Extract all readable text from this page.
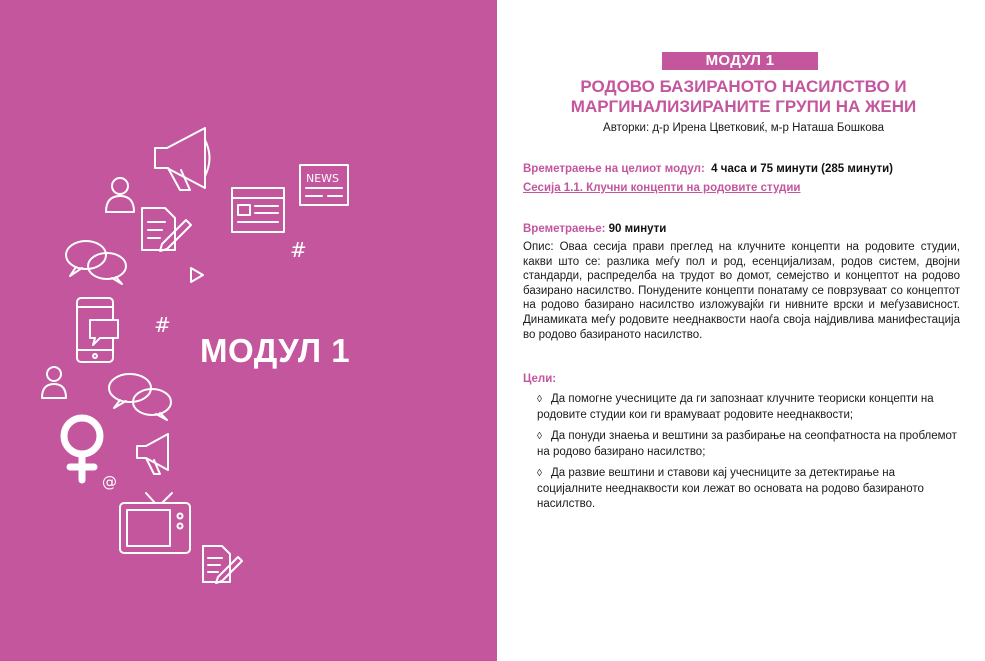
NEWS
#
#
@
МОДУЛ 1
МОДУЛ 1
РОДОВО БАЗИРАНОТО НАСИЛСТВО И
МАРГИНАЛИЗИРАНИТЕ ГРУПИ НА ЖЕНИ
Авторки: д-р Ирена Цветковиќ, м-р Наташа Бошкова
Времетраење на целиот модул: 4 часа и 75 минути (285 минути)
Сесија 1.1. Клучни концепти на родовите студии
Времетраење: 90 минути
Опис: Оваа сесија прави преглед на клучните концепти на родовите студии, какви што се: разлика меѓу пол и род, есенцијализам, родов систем, двојни стандарди, распределба на трудот во домот, семејство и концептот на родово базирано насилство. Понудените концепти понатаму се поврзуваат со концептот на родово базирано насилство изложувајќи ги нивните врски и меѓузависност. Динамиката меѓу родовите нееднаквости наоѓа своја најдивлива манифестација во родово базираното насилство.
Цели:
◊ Да помогне учесниците да ги запознаат клучните теориски концепти на родовите студии кои ги врамуваат родовите нееднаквости;
◊ Да понуди знаења и вештини за разбирање на сеопфатноста на проблемот на родово базирано насилство;
◊ Да развие вештини и ставови кај учесниците за детектирање на социјалните нееднаквости кои лежат во основата на родово базираното насилство.
